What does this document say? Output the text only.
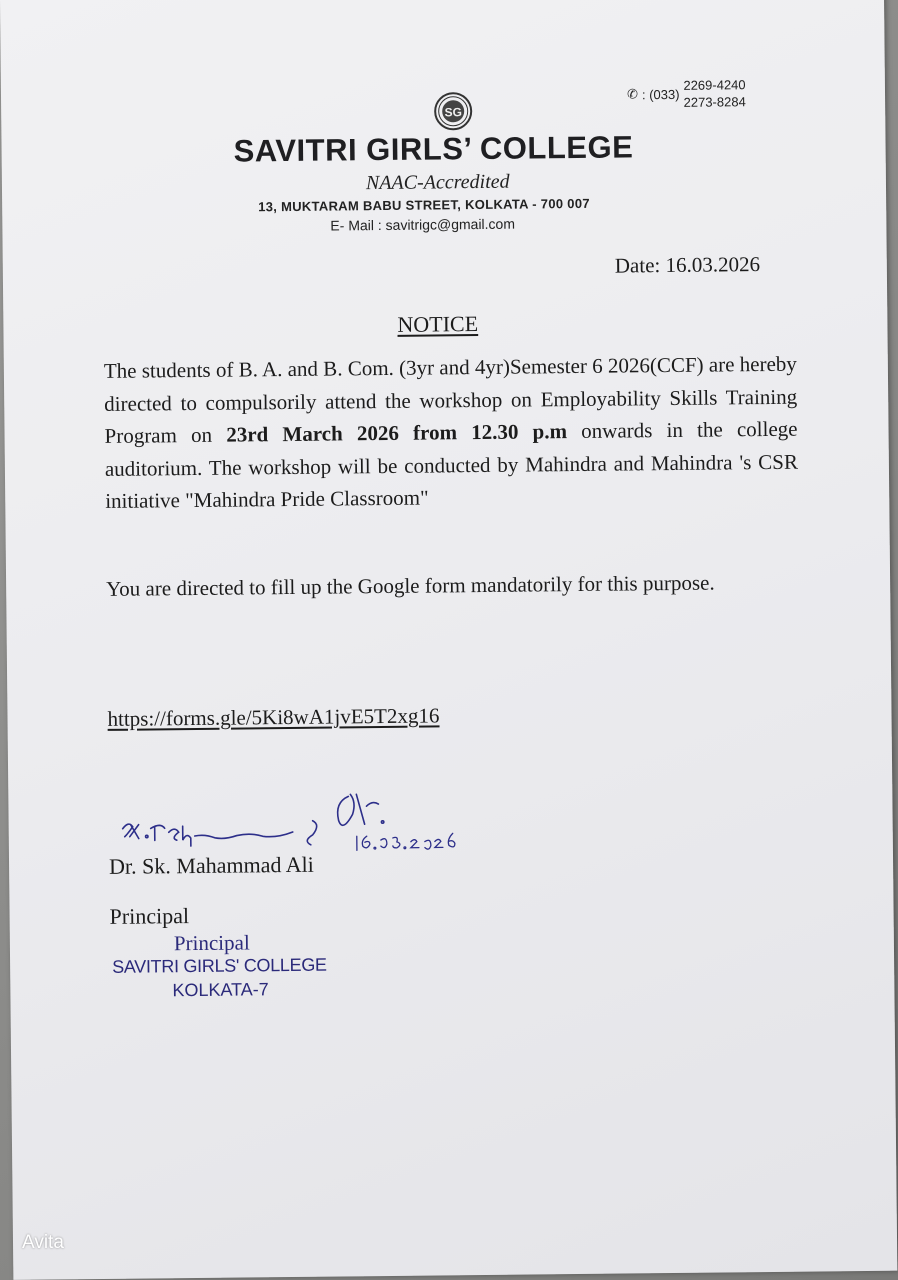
SG
✆ : (033)
2269-4240
2273-8284
SAVITRI GIRLS’ COLLEGE
NAAC-Accredited
13, MUKTARAM BABU STREET, KOLKATA - 700 007
E- Mail : savitrigc@gmail.com
Date: 16.03.2026
NOTICE
The students of B. A. and B. Com. (3yr and 4yr)Semester 6 2026(CCF) are hereby directed to compulsorily attend the workshop on Employability Skills Training Program on 23rd March 2026 from 12.30 p.m onwards in the college auditorium. The workshop will be conducted by Mahindra and Mahindra 's CSR initiative "Mahindra Pride Classroom"
You are directed to fill up the Google form mandatorily for this purpose.
https://forms.gle/5Ki8wA1jvE5T2xg16
Dr. Sk. Mahammad Ali
Principal
Principal
SAVITRI GIRLS' COLLEGE
KOLKATA-7
Avita
